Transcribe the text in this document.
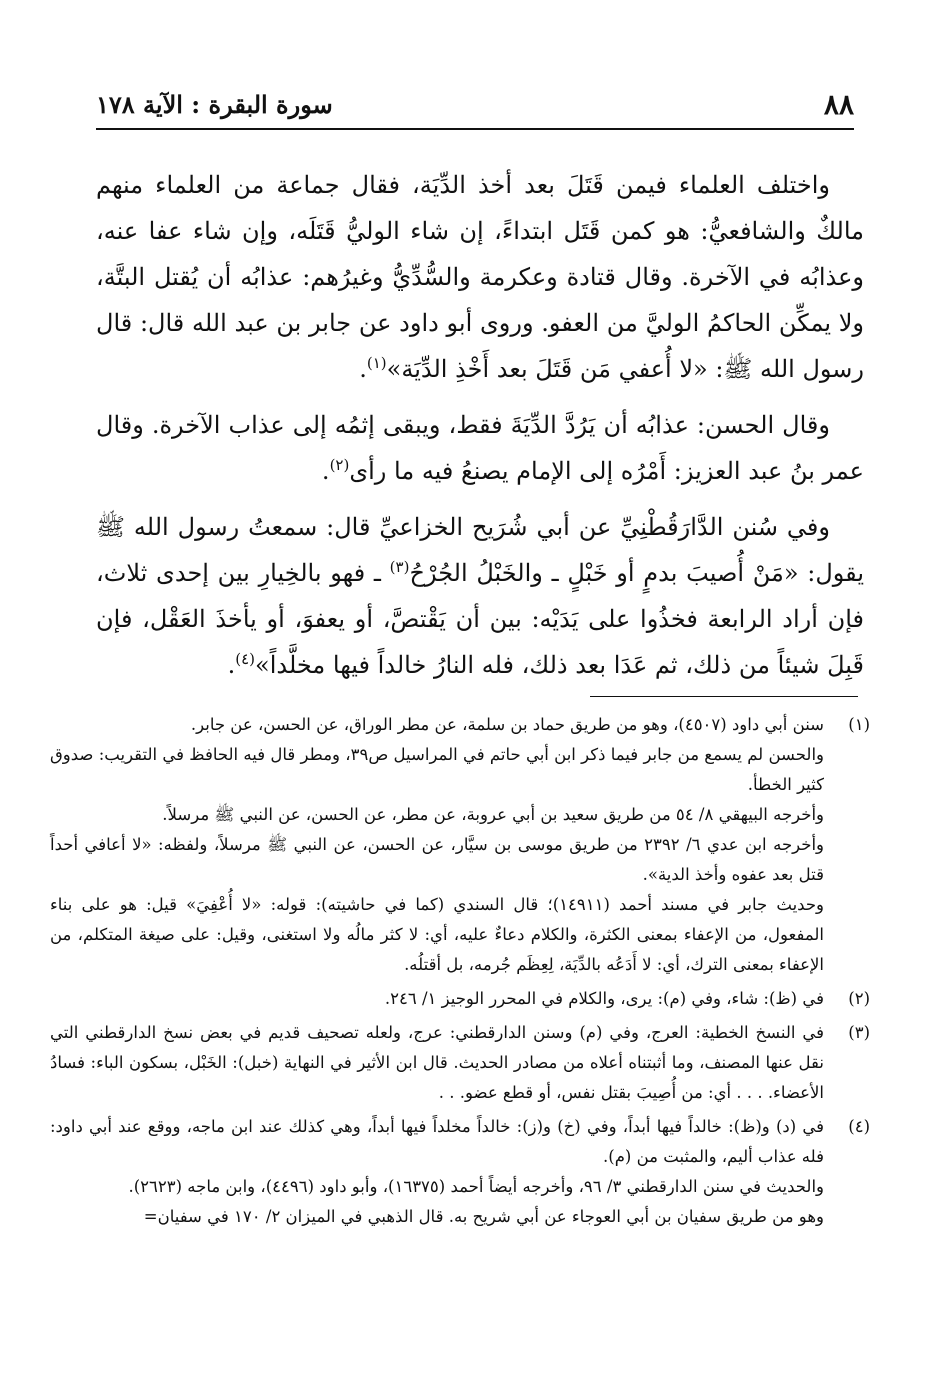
٨٨
سورة البقرة : الآية ١٧٨

واختلف العلماء فيمن قَتَلَ بعد أخذ الدِّيَة، فقال جماعة من العلماء منهم مالكٌ والشافعيُّ: هو كمن قَتَل ابتداءً، إن شاء الوليُّ قَتَلَه، وإن شاء عفا عنه، وعذابُه في الآخرة. وقال قتادة وعكرمة والسُّدِّيُّ وغيرُهم: عذابُه أن يُقتل البتَّة، ولا يمكِّن الحاكمُ الوليَّ من العفو. وروى أبو داود عن جابر بن عبد الله قال: قال رسول الله ﷺ: «لا أُعفي مَن قَتَلَ بعد أَخْذِ الدِّيَة»$^{(١)}$.

وقال الحسن: عذابُه أن يَرُدَّ الدِّيَةَ فقط، ويبقى إثمُه إلى عذاب الآخرة. وقال عمر بنُ عبد العزيز: أَمْرُه إلى الإمام يصنعُ فيه ما رأى$^{(٢)}$.

وفي سُنن الدَّارَقُطْنِيِّ عن أبي شُرَيح الخزاعيِّ قال: سمعتُ رسول الله ﷺ يقول: «مَنْ أُصيبَ بدمٍ أو خَبْلٍ ـ والخَبْلُ الجُرْحُ$^{(٣)}$ ـ فهو بالخِيارِ بين إحدى ثلاث، فإن أراد الرابعة فخذُوا على يَدَيْه: بين أن يَقْتصَّ، أو يعفوَ، أو يأخذَ العَقْل، فإن قَبِلَ شيئاً من ذلك، ثم عَدَا بعد ذلك، فله النارُ خالداً فيها مخلَّداً»$^{(٤)}$.

(١)
سنن أبي داود (٤٥٠٧)، وهو من طريق حماد بن سلمة، عن مطر الوراق، عن الحسن، عن جابر.
والحسن لم يسمع من جابر فيما ذكر ابن أبي حاتم في المراسيل ص٣٩، ومطر قال فيه الحافظ في التقريب: صدوق كثير الخطأ.
وأخرجه البيهقي ٨/ ٥٤ من طريق سعيد بن أبي عروبة، عن مطر، عن الحسن، عن النبي ﷺ مرسلاً.
وأخرجه ابن عدي ٦/ ٢٣٩٢ من طريق موسى بن سيَّار، عن الحسن، عن النبي ﷺ مرسلاً، ولفظه: «لا أعافي أحداً قتل بعد عفوه وأخذ الدية».
وحديث جابر في مسند أحمد (١٤٩١١)؛ قال السندي (كما في حاشيته): قوله: «لا أُعْفِيَ» قيل: هو على بناء المفعول، من الإعفاء بمعنى الكثرة، والكلام دعاءٌ عليه، أي: لا كثر مالُه ولا استغنى، وقيل: على صيغة المتكلم، من الإعفاء بمعنى الترك، أي: لا أَدَعُه بالدِّيَة، لِعِظَم جُرمه، بل أقتلُه.
(٢)
في (ظ): شاء، وفي (م): يرى، والكلام في المحرر الوجيز ١/ ٢٤٦.
(٣)
في النسخ الخطية: العرج، وفي (م) وسنن الدارقطني: عرج، ولعله تصحيف قديم في بعض نسخ الدارقطني التي نقل عنها المصنف، وما أثبتناه أعلاه من مصادر الحديث. قال ابن الأثير في النهاية (خبل): الخَبْل، بسكون الباء: فسادُ الأعضاء. . . . أي: من أُصِيبَ بقتل نفس، أو قطع عضو. . .
(٤)
في (د) و(ظ): خالداً فيها أبداً، وفي (خ) و(ز): خالداً مخلداً فيها أبداً، وهي كذلك عند ابن ماجه، ووقع عند أبي داود: فله عذاب أليم، والمثبت من (م).
والحديث في سنن الدارقطني ٣/ ٩٦، وأخرجه أيضاً أحمد (١٦٣٧٥)، وأبو داود (٤٤٩٦)، وابن ماجه (٢٦٢٣).
وهو من طريق سفيان بن أبي العوجاء عن أبي شريح به. قال الذهبي في الميزان ٢/ ١٧٠ في سفيان=
